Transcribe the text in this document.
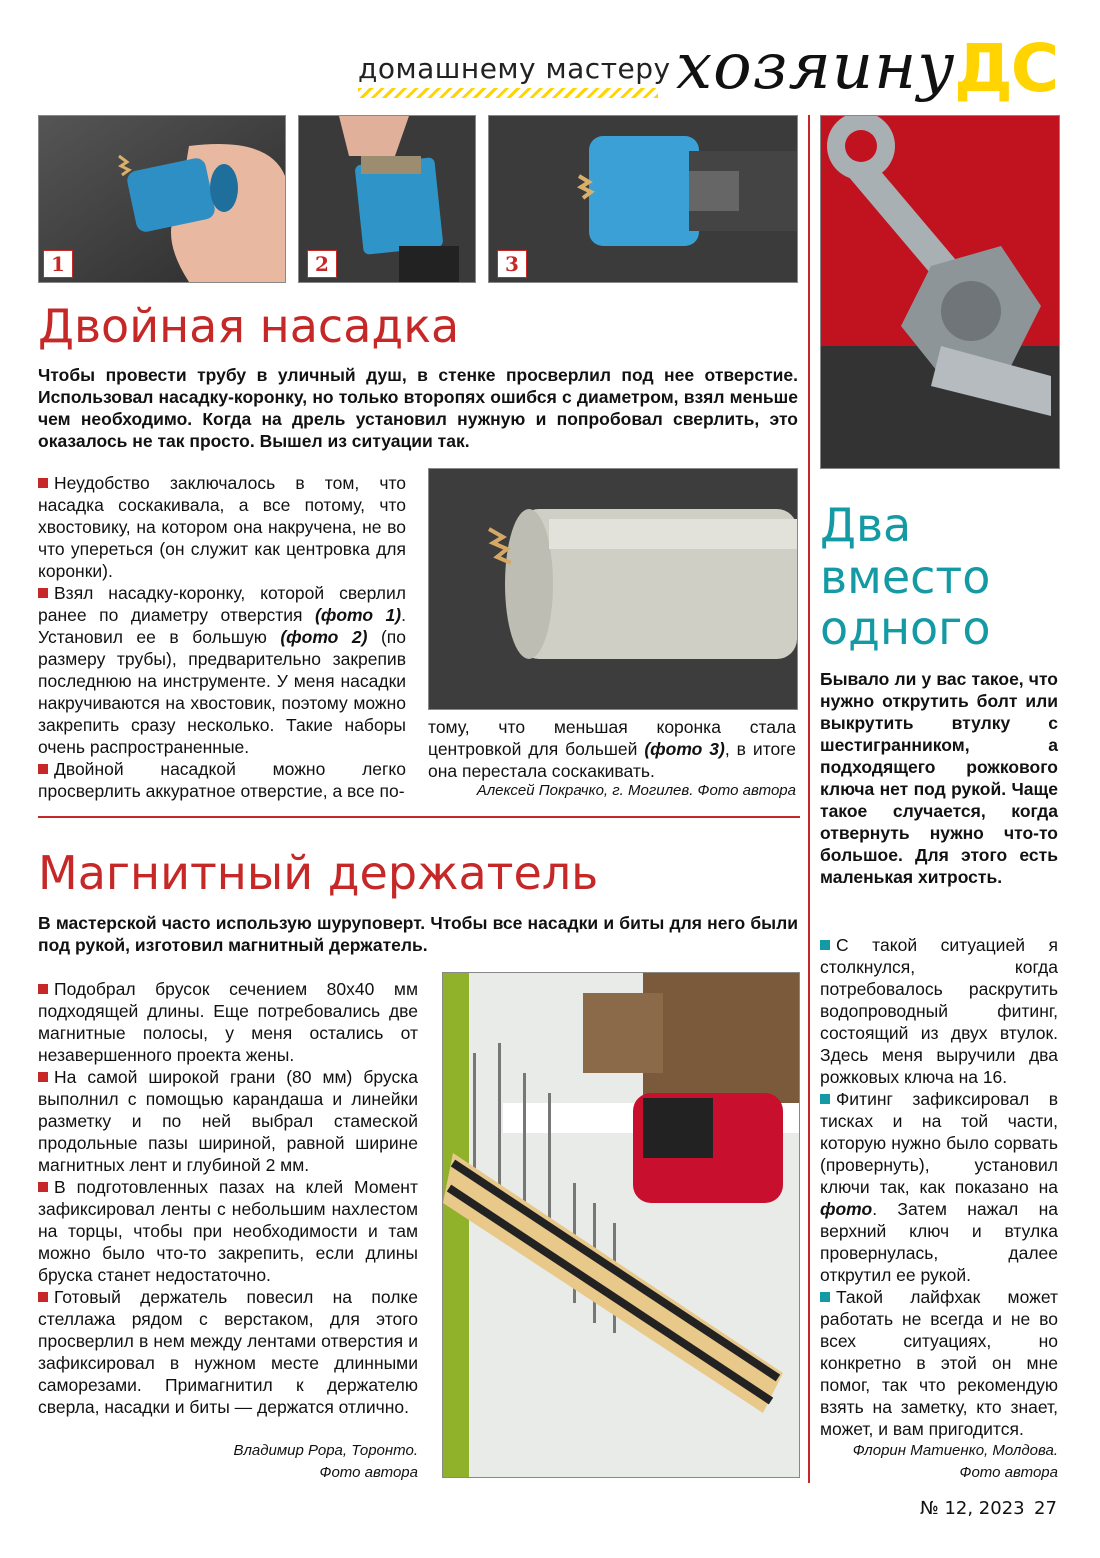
домашнему мастеру хозяину
ДС
1	2	3
Двойная насадка
Чтобы провести трубу в уличный душ, в стенке просверлил под нее отверстие. Использовал насадку-коронку, но только второпях ошибся с диаметром, взял меньше чем необходимо. Когда на дрель установил нужную и попробовал сверлить, это оказалось не так просто. Вышел из ситуации так.

Неудобство заключалось в том, что насадка соскакивала, а все потому, что хвостовику, на котором она накручена, не во что упереться (он служит как центровка для коронки).

Взял насадку-коронку, которой сверлил ранее по диаметру отверстия (фото 1). Установил ее в большую (фото 2) (по размеру трубы), предварительно закрепив последнюю на инструменте. У меня насадки накручиваются на хвостовик, поэтому можно закрепить сразу несколько. Такие наборы очень распространенные.

Двойной насадкой можно легко просверлить аккуратное отверстие, а все по-

тому, что меньшая коронка стала центровкой для большей (фото 3), в итоге она перестала соскакивать.

Алексей Покрачко, г. Могилев. Фото автора
Магнитный держатель
В мастерской часто использую шуруповерт. Чтобы все насадки и биты для него были под рукой, изготовил магнитный держатель.

Подобрал брусок сечением 80х40 мм подходящей длины. Еще потребовались две магнитные полосы, у меня остались от незавершенного проекта жены.

На самой широкой грани (80 мм) бруска выполнил с помощью карандаша и линейки разметку и по ней выбрал стамеской продольные пазы шириной, равной ширине магнитных лент и глубиной 2 мм.

В подготовленных пазах на клей Момент зафиксировал ленты с небольшим нахлестом на торцы, чтобы при необходимости и там можно было что-то закрепить, если длины бруска станет недостаточно.

Готовый держатель повесил на полке стеллажа рядом с верстаком, для этого просверлил в нем между лентами отверстия и зафиксировал в нужном месте длинными саморезами. Примагнитил к держателю сверла, насадки и биты — держатся отлично.

Владимир Рора, Торонто.
Фото автора
Два
вместо
одного
Бывало ли у вас такое, что нужно открутить болт или выкрутить втулку с шестигранником, а подходящего рожкового ключа нет под рукой. Чаще такое случается, когда отвернуть нужно что-то большое. Для этого есть маленькая хитрость.

С такой ситуацией я столкнулся, когда потребовалось раскрутить водопроводный фитинг, состоящий из двух втулок. Здесь меня выручили два рожковых ключа на 16.

Фитинг зафиксировал в тисках и на той части, которую нужно было сорвать (провернуть), установил ключи так, как показано на фото. Затем нажал на верхний ключ и втулка провернулась, далее открутил ее рукой.

Такой лайфхак может работать не всегда и не во всех ситуациях, но конкретно в этой он мне помог, так что рекомендую взять на заметку, кто знает, может, и вам пригодится.

Флорин Матиенко, Молдова.
Фото автора
№ 12, 2023 27
